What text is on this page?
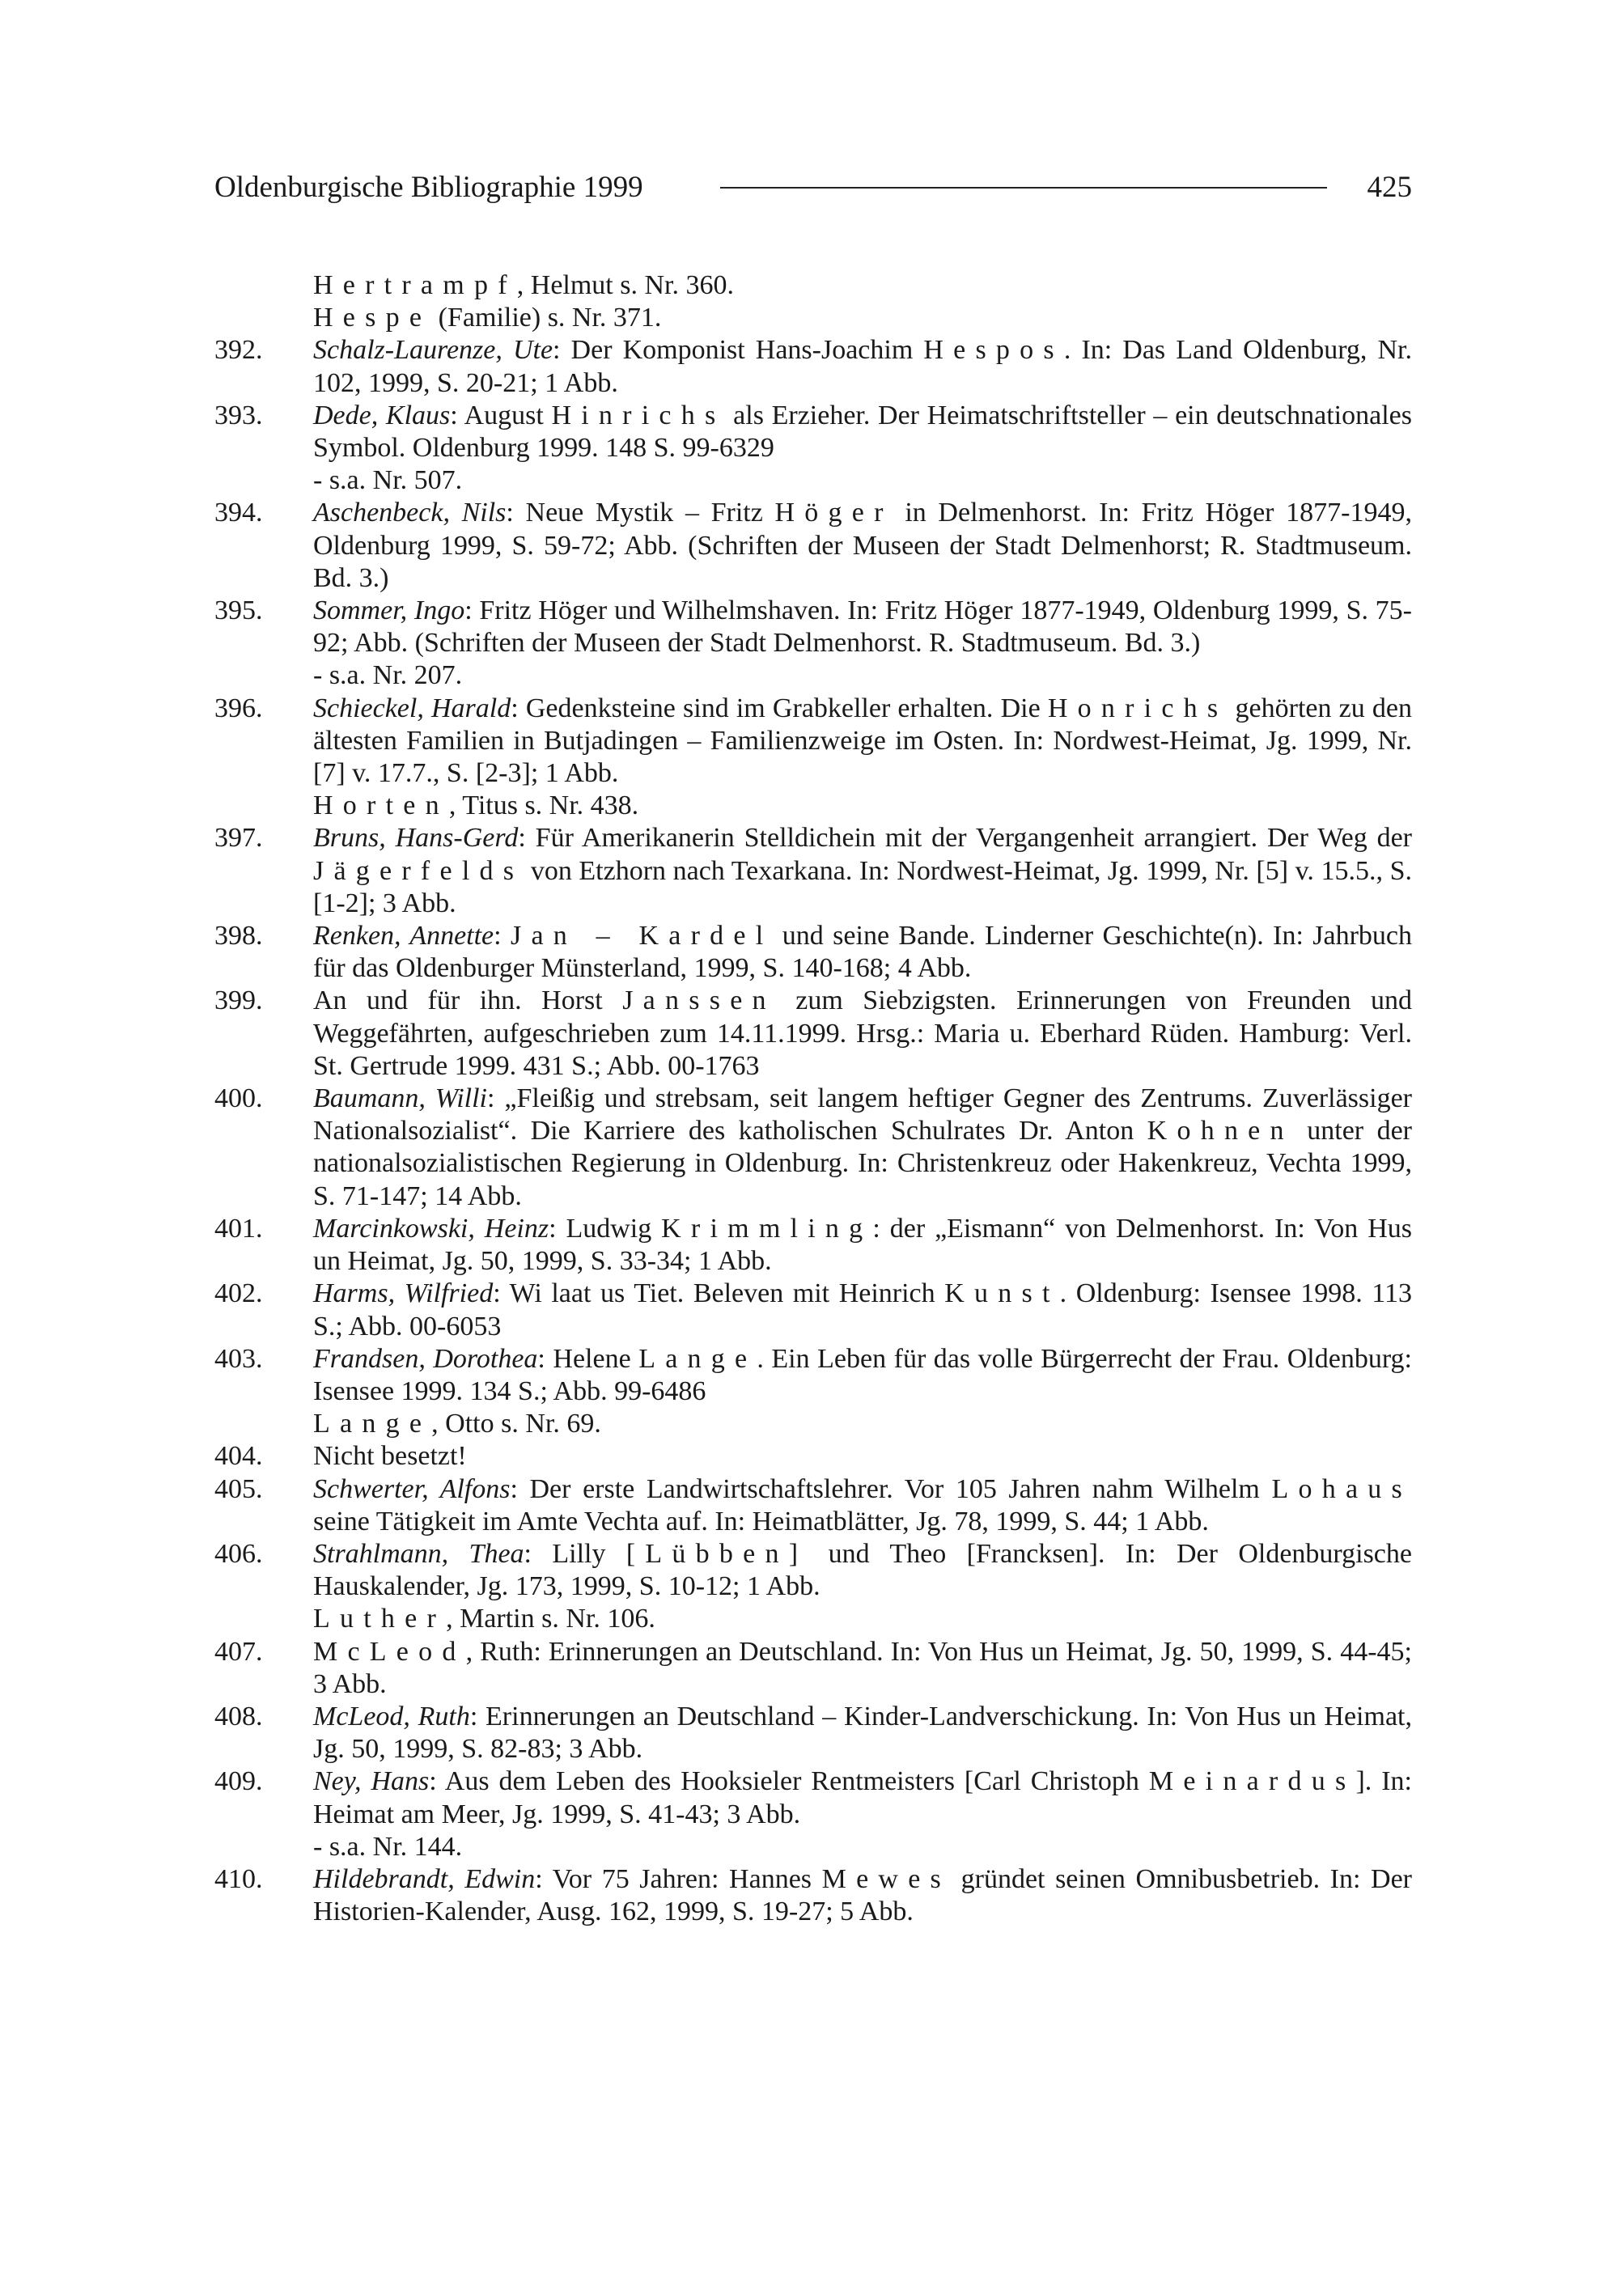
Oldenburgische Bibliographie 1999	425
Hertrampf, Helmut s. Nr. 360.
Hespe (Familie) s. Nr. 371.
392. Schalz-Laurenze, Ute: Der Komponist Hans-Joachim Hespos. In: Das Land Oldenburg, Nr. 102, 1999, S. 20-21; 1 Abb.
393. Dede, Klaus: August Hinrichs als Erzieher. Der Heimatschriftsteller – ein deutschnationales Symbol. Oldenburg 1999. 148 S. 99-6329
- s.a. Nr. 507.
394. Aschenbeck, Nils: Neue Mystik – Fritz Höger in Delmenhorst. In: Fritz Höger 1877-1949, Oldenburg 1999, S. 59-72; Abb. (Schriften der Museen der Stadt Delmenhorst; R. Stadtmuseum. Bd. 3.)
395. Sommer, Ingo: Fritz Höger und Wilhelmshaven. In: Fritz Höger 1877-1949, Oldenburg 1999, S. 75-92; Abb. (Schriften der Museen der Stadt Delmenhorst. R. Stadtmuseum. Bd. 3.)
- s.a. Nr. 207.
396. Schieckel, Harald: Gedenksteine sind im Grabkeller erhalten. Die Honrichs gehörten zu den ältesten Familien in Butjadingen – Familienzweige im Osten. In: Nordwest-Heimat, Jg. 1999, Nr. [7] v. 17.7., S. [2-3]; 1 Abb.
Horten, Titus s. Nr. 438.
397. Bruns, Hans-Gerd: Für Amerikanerin Stelldichein mit der Vergangenheit arrangiert. Der Weg der Jägerfelds von Etzhorn nach Texarkana. In: Nordwest-Heimat, Jg. 1999, Nr. [5] v. 15.5., S. [1-2]; 3 Abb.
398. Renken, Annette: Jan – Kardel und seine Bande. Linderner Geschichte(n). In: Jahrbuch für das Oldenburger Münsterland, 1999, S. 140-168; 4 Abb.
399. An und für ihn. Horst Janssen zum Siebzigsten. Erinnerungen von Freunden und Weggefährten, aufgeschrieben zum 14.11.1999. Hrsg.: Maria u. Eberhard Rüden. Hamburg: Verl. St. Gertrude 1999. 431 S.; Abb. 00-1763
400. Baumann, Willi: „Fleißig und strebsam, seit langem heftiger Gegner des Zentrums. Zuverlässiger Nationalsozialist“. Die Karriere des katholischen Schulrates Dr. Anton Kohnen unter der nationalsozialistischen Regierung in Oldenburg. In: Christenkreuz oder Hakenkreuz, Vechta 1999, S. 71-147; 14 Abb.
401. Marcinkowski, Heinz: Ludwig Krimmling: der „Eismann“ von Delmenhorst. In: Von Hus un Heimat, Jg. 50, 1999, S. 33-34; 1 Abb.
402. Harms, Wilfried: Wi laat us Tiet. Beleven mit Heinrich Kunst. Oldenburg: Isensee 1998. 113 S.; Abb. 00-6053
403. Frandsen, Dorothea: Helene Lange. Ein Leben für das volle Bürgerrecht der Frau. Oldenburg: Isensee 1999. 134 S.; Abb. 99-6486
Lange, Otto s. Nr. 69.
404. Nicht besetzt!
405. Schwerter, Alfons: Der erste Landwirtschaftslehrer. Vor 105 Jahren nahm Wilhelm Lohaus seine Tätigkeit im Amte Vechta auf. In: Heimatblätter, Jg. 78, 1999, S. 44; 1 Abb.
406. Strahlmann, Thea: Lilly [Lübben] und Theo [Francksen]. In: Der Oldenburgische Hauskalender, Jg. 173, 1999, S. 10-12; 1 Abb.
Luther, Martin s. Nr. 106.
407. McLeod, Ruth: Erinnerungen an Deutschland. In: Von Hus un Heimat, Jg. 50, 1999, S. 44-45; 3 Abb.
408. McLeod, Ruth: Erinnerungen an Deutschland – Kinder-Landverschickung. In: Von Hus un Heimat, Jg. 50, 1999, S. 82-83; 3 Abb.
409. Ney, Hans: Aus dem Leben des Hooksieler Rentmeisters [Carl Christoph Meinardus]. In: Heimat am Meer, Jg. 1999, S. 41-43; 3 Abb.
- s.a. Nr. 144.
410. Hildebrandt, Edwin: Vor 75 Jahren: Hannes Mewes gründet seinen Omnibusbetrieb. In: Der Historien-Kalender, Ausg. 162, 1999, S. 19-27; 5 Abb.
